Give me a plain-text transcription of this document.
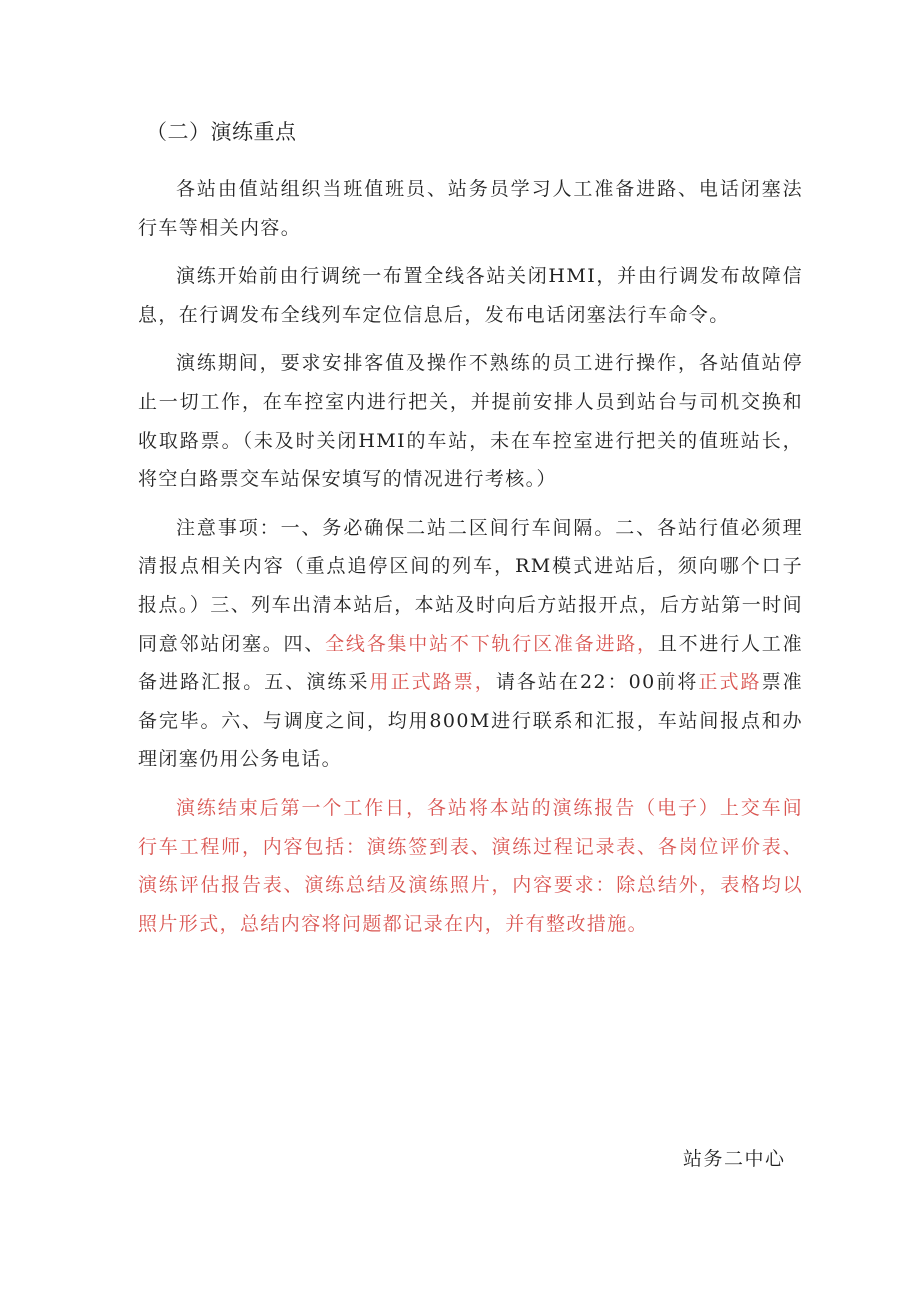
（二）演练重点

各站由值站组织当班值班员、站务员学习人工准备进路、电话闭塞法行车等相关内容。

演练开始前由行调统一布置全线各站关闭HMI，并由行调发布故障信息，在行调发布全线列车定位信息后，发布电话闭塞法行车命令。

演练期间，要求安排客值及操作不熟练的员工进行操作，各站值站停止一切工作，在车控室内进行把关，并提前安排人员到站台与司机交换和收取路票。（未及时关闭HMI的车站，未在车控室进行把关的值班站长，将空白路票交车站保安填写的情况进行考核。）

注意事项：一、务必确保二站二区间行车间隔。二、各站行值必须理清报点相关内容（重点追停区间的列车，RM模式进站后，须向哪个口子报点。）三、列车出清本站后，本站及时向后方站报开点，后方站第一时间同意邻站闭塞。四、全线各集中站不下轨行区准备进路，且不进行人工准备进路汇报。五、演练采用正式路票，请各站在22：00前将正式路票准备完毕。六、与调度之间，均用800M进行联系和汇报，车站间报点和办理闭塞仍用公务电话。

演练结束后第一个工作日，各站将本站的演练报告（电子）上交车间行车工程师，内容包括：演练签到表、演练过程记录表、各岗位评价表、演练评估报告表、演练总结及演练照片，内容要求：除总结外，表格均以照片形式，总结内容将问题都记录在内，并有整改措施。

站务二中心
